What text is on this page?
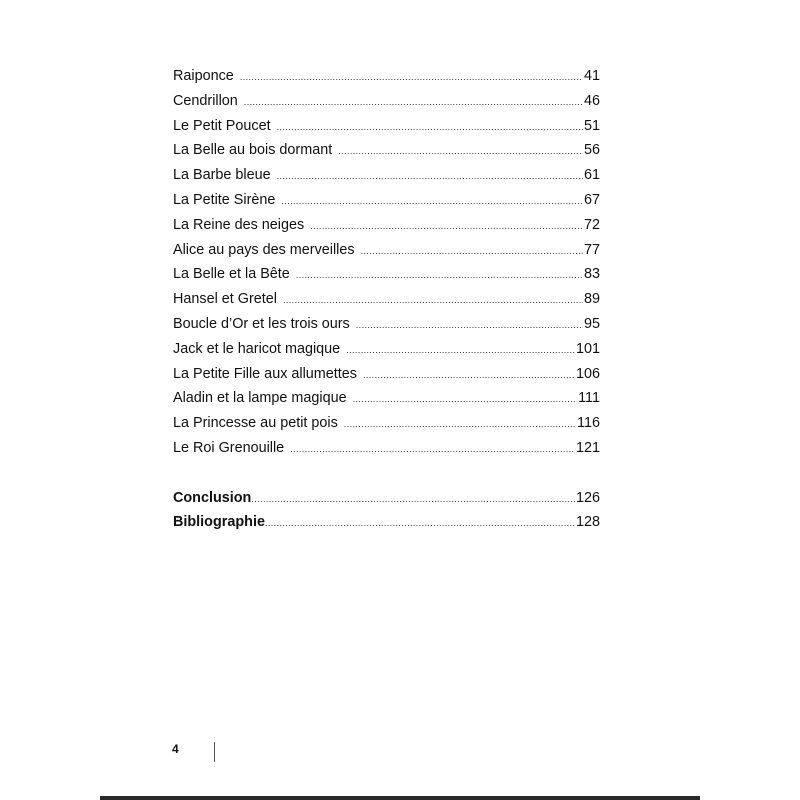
Raiponce .....	41
Cendrillon .....	46
Le Petit Poucet .....	51
La Belle au bois dormant .....	56
La Barbe bleue .....	61
La Petite Sirène .....	67
La Reine des neiges .....	72
Alice au pays des merveilles .....	77
La Belle et la Bête .....	83
Hansel et Gretel .....	89
Boucle d’Or et les trois ours .....	95
Jack et le haricot magique .....	101
La Petite Fille aux allumettes .....	106
Aladin et la lampe magique .....	111
La Princesse au petit pois .....	116
Le Roi Grenouille .....	121
Conclusion .....	126
Bibliographie .....	128
4
